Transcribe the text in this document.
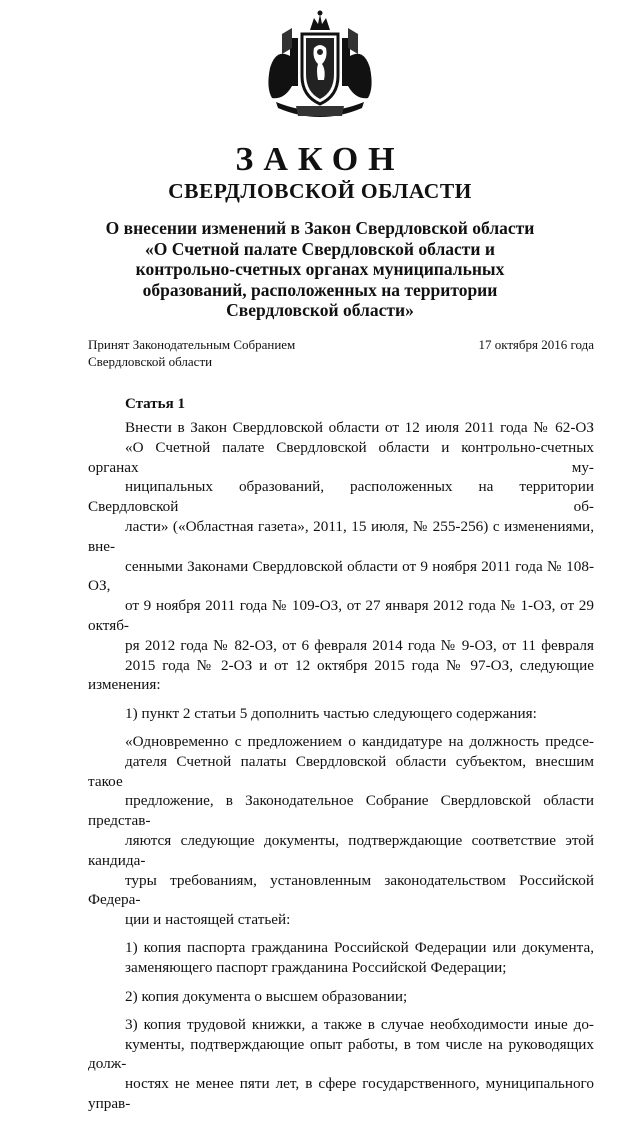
ЗАКОН
СВЕРДЛОВСКОЙ ОБЛАСТИ
О внесении изменений в Закон Свердловской области
«О Счетной палате Свердловской области и
контрольно-счетных органах муниципальных
образований, расположенных на территории
Свердловской области»
Принят Законодательным Собранием
Свердловской области
17 октября 2016 года
Статья 1

Внести в Закон Свердловской области от 12 июля 2011 года № 62-ОЗ
«О Счетной палате Свердловской области и контрольно-счетных органах му-
ниципальных образований, расположенных на территории Свердловской об-
ласти» («Областная газета», 2011, 15 июля, № 255-256) с изменениями, вне-
сенными Законами Свердловской области от 9 ноября 2011 года № 108-ОЗ,
от 9 ноября 2011 года № 109-ОЗ, от 27 января 2012 года № 1-ОЗ, от 29 октяб-
ря 2012 года № 82-ОЗ, от 6 февраля 2014 года № 9-ОЗ, от 11 февраля
2015 года № 2-ОЗ и от 12 октября 2015 года № 97-ОЗ, следующие изменения:

1) пункт 2 статьи 5 дополнить частью следующего содержания:

«Одновременно с предложением о кандидатуре на должность предсе-
дателя Счетной палаты Свердловской области субъектом, внесшим такое
предложение, в Законодательное Собрание Свердловской области представ-
ляются следующие документы, подтверждающие соответствие этой кандида-
туры требованиям, установленным законодательством Российской Федера-
ции и настоящей статьей:

1) копия паспорта гражданина Российской Федерации или документа,
заменяющего паспорт гражданина Российской Федерации;

2) копия документа о высшем образовании;

3) копия трудовой книжки, а также в случае необходимости иные до-
кументы, подтверждающие опыт работы, в том числе на руководящих долж-
ностях не менее пяти лет, в сфере государственного, муниципального управ-
